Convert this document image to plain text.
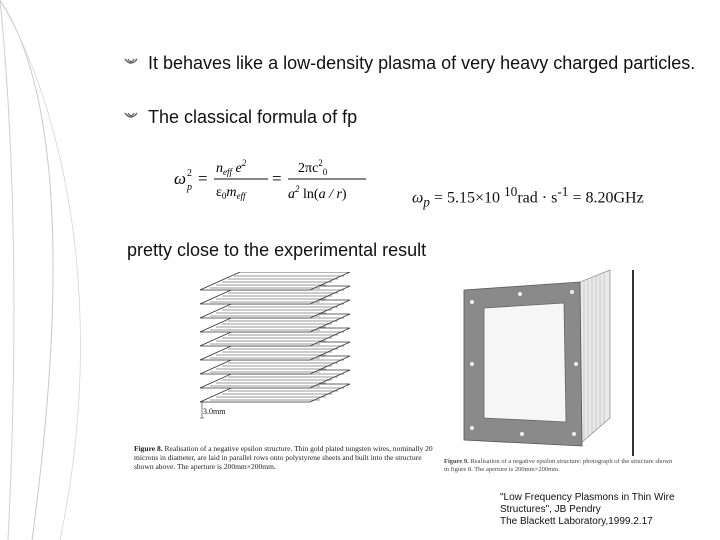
It behaves like a low-density plasma of very heavy charged particles.
The classical formula of fp
ω 2
p =
$n_{eff}$ $e^2$
$\varepsilon_0m_{eff}$
=
$2\pi c^2_0$
$a^2$ ln(a / r)	$\omega_p = 5.15\times 10$ $^{10}rad \cdot s^{-1} = 8.20GHz$
pretty close to the experimental result
3.0mm
Figure 8. Realisation of a negative epsilon structure. Thin gold plated tungsten wires, nominally 20 microns in diameter, are laid in parallel rows onto polystyrene sheets and built into the structure shown above. The aperture is 200mm×200mm.
Figure 9. Realisation of a negative epsilon structure: photograph of the structure shown in figure 8. The aperture is 200mm×200mm.
"Low Frequency Plasmons in Thin Wire
Structures", JB Pendry
The Blackett Laboratory,1999.2.17
